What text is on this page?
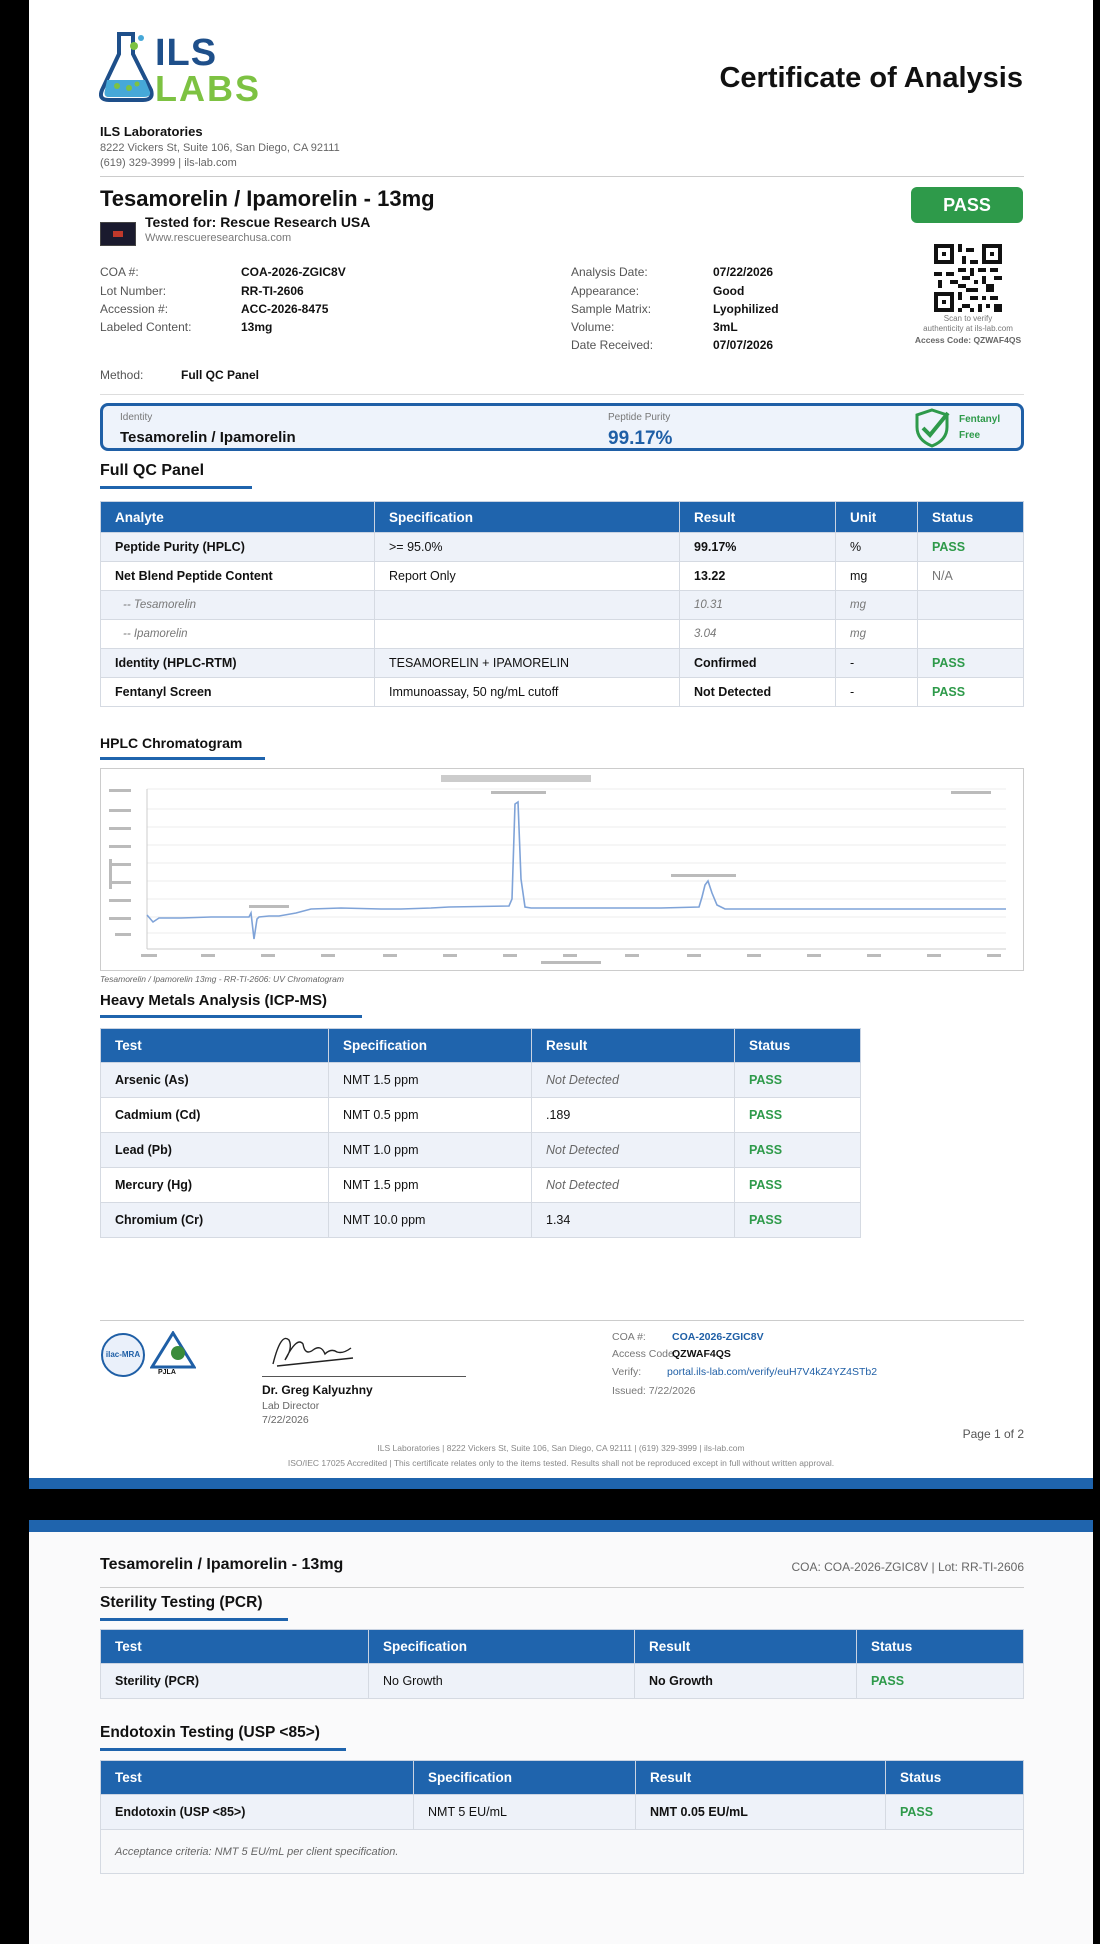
ILS
LABS	Certificate of Analysis
ILS Laboratories
8222 Vickers St, Suite 106, San Diego, CA 92111
(619) 329-3999 | ils-lab.com
Tesamorelin / Ipamorelin - 13mg
Tested for: Rescue Research USA
Www.rescueresearchusa.com
PASS
Scan to verify
authenticity at ils-lab.com
Access Code: QZWAF4QS
Method:	Full QC Panel
Identity
Tesamorelin / Ipamorelin
Peptide Purity
99.17%
Fentanyl
Free
Full QC Panel
Analyte	Specification	Result	Unit	Status
Peptide Purity (HPLC)	>= 95.0%	99.17%	%	PASS
Net Blend Peptide Content	Report Only	13.22	mg	N/A
-- Tesamorelin		10.31	mg	
-- Ipamorelin		3.04	mg	
Identity (HPLC-RTM)	TESAMORELIN + IPAMORELIN	Confirmed	-	PASS
Fentanyl Screen	Immunoassay, 50 ng/mL cutoff	Not Detected	-	PASS
HPLC Chromatogram
Tesamorelin / Ipamorelin 13mg - RR-TI-2606: UV Chromatogram
Heavy Metals Analysis (ICP-MS)
Test	Specification	Result	Status
Arsenic (As)	NMT 1.5 ppm	Not Detected	PASS
Cadmium (Cd)	NMT 0.5 ppm	.189	PASS
Lead (Pb)	NMT 1.0 ppm	Not Detected	PASS
Mercury (Hg)	NMT 1.5 ppm	Not Detected	PASS
Chromium (Cr)	NMT 10.0 ppm	1.34	PASS
ilac-MRA
PJLA
Dr. Greg Kalyuzhny
Lab Director
7/22/2026
Issued: 7/22/2026
Page 1 of 2
ILS Laboratories | 8222 Vickers St, Suite 106, San Diego, CA 92111 | (619) 329-3999 | ils-lab.com
ISO/IEC 17025 Accredited | This certificate relates only to the items tested. Results shall not be reproduced except in full without written approval.
COA #:	COA-2026-ZGIC8V
Lot Number:	RR-TI-2606
Accession #:	ACC-2026-8475
Labeled Content:	13mg
Analysis Date:	07/22/2026
Appearance:	Good
Sample Matrix:	Lyophilized
Volume:	3mL
Date Received:	07/07/2026
COA #: COA-2026-ZGIC8V
Access Code:
QZWAF4QS
Verify: portal.ils-lab.com/verify/euH7V4kZ4YZ4STb2
Tesamorelin / Ipamorelin - 13mg	COA: COA-2026-ZGIC8V | Lot: RR-TI-2606
Sterility Testing (PCR)
Test	Specification	Result	Status
Sterility (PCR)	No Growth	No Growth	PASS
Endotoxin Testing (USP <85>)
Test	Specification	Result	Status
Endotoxin (USP <85>)	NMT 5 EU/mL	NMT 0.05 EU/mL	PASS
Acceptance criteria: NMT 5 EU/mL per client specification.			
